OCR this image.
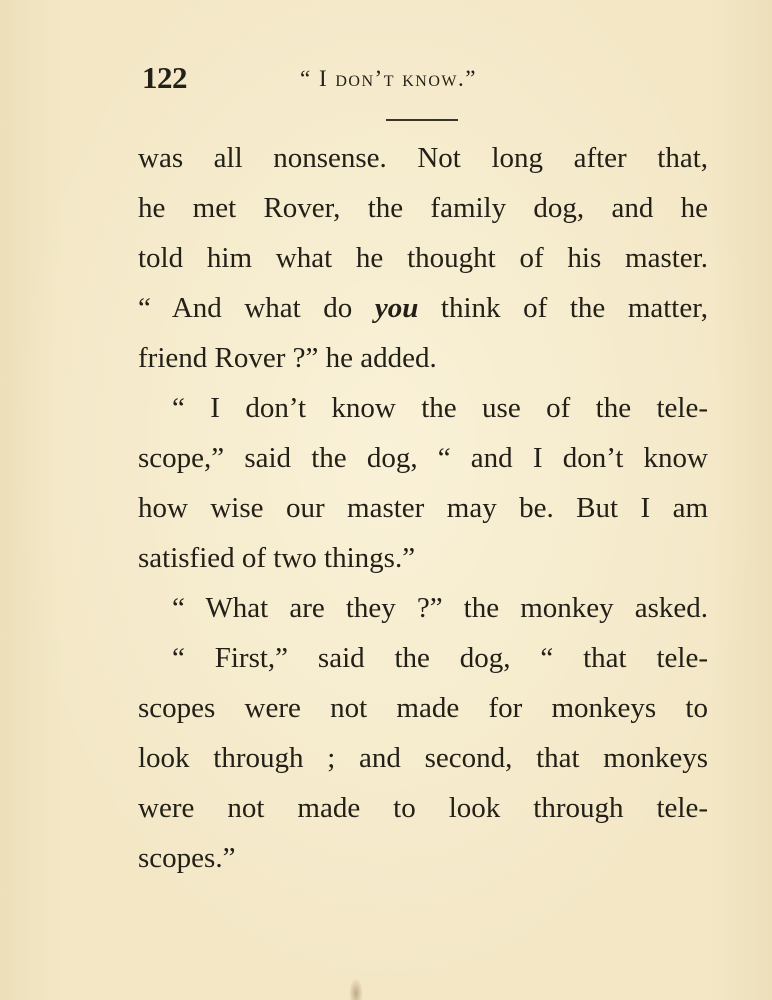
122	“ I don’t know.”
was all nonsense. Not long after that,
he met Rover, the family dog, and he
told him what he thought of his master.
“ And what do you think of the matter,
friend Rover ?” he added.
“ I don’t know the use of the tele-
scope,” said the dog, “ and I don’t know
how wise our master may be. But I am
satisfied of two things.”
“ What are they ?” the monkey asked.
“ First,” said the dog, “ that tele-
scopes were not made for monkeys to
look through ; and second, that monkeys
were not made to look through tele-
scopes.”
